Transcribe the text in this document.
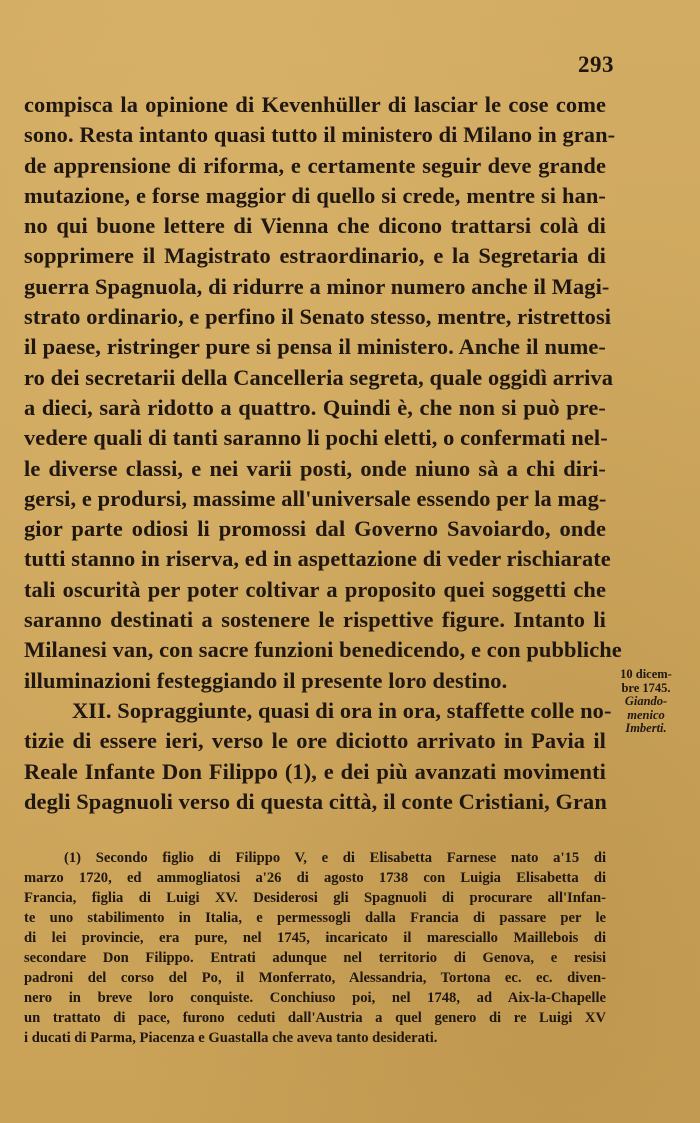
293
compisca la opinione di Kevenhüller di lasciar le cose come
sono. Resta intanto quasi tutto il ministero di Milano in gran-
de apprensione di riforma, e certamente seguir deve grande
mutazione, e forse maggior di quello si crede, mentre si han-
no qui buone lettere di Vienna che dicono trattarsi colà di
sopprimere il Magistrato estraordinario, e la Segretaria di
guerra Spagnuola, di ridurre a minor numero anche il Magi-
strato ordinario, e perfino il Senato stesso, mentre, ristrettosi
il paese, ristringer pure si pensa il ministero. Anche il nume-
ro dei secretarii della Cancelleria segreta, quale oggidì arriva
a dieci, sarà ridotto a quattro. Quindi è, che non si può pre-
vedere quali di tanti saranno li pochi eletti, o confermati nel-
le diverse classi, e nei varii posti, onde niuno sà a chi diri-
gersi, e prodursi, massime all'universale essendo per la mag-
gior parte odiosi li promossi dal Governo Savoiardo, onde
tutti stanno in riserva, ed in aspettazione di veder rischiarate
tali oscurità per poter coltivar a proposito quei soggetti che
saranno destinati a sostenere le rispettive figure. Intanto li
Milanesi van, con sacre funzioni benedicendo, e con pubbliche
illuminazioni festeggiando il presente loro destino.
XII. Sopraggiunte, quasi di ora in ora, staffette colle no-
tizie di essere ieri, verso le ore diciotto arrivato in Pavia il
Reale Infante Don Filippo (1), e dei più avanzati movimenti
degli Spagnuoli verso di questa città, il conte Cristiani, Gran
10 dicem-
bre 1745.
Giando-
menico
Imberti.
(1) Secondo figlio di Filippo V, e di Elisabetta Farnese nato a'15 di
marzo 1720, ed ammogliatosi a'26 di agosto 1738 con Luigia Elisabetta di
Francia, figlia di Luigi XV. Desiderosi gli Spagnuoli di procurare all'Infan-
te uno stabilimento in Italia, e permessogli dalla Francia di passare per le
di lei provincie, era pure, nel 1745, incaricato il maresciallo Maillebois di
secondare Don Filippo. Entrati adunque nel territorio di Genova, e resisi
padroni del corso del Po, il Monferrato, Alessandria, Tortona ec. ec. diven-
nero in breve loro conquiste. Conchiuso poi, nel 1748, ad Aix-la-Chapelle
un trattato di pace, furono ceduti dall'Austria a quel genero di re Luigi XV
i ducati di Parma, Piacenza e Guastalla che aveva tanto desiderati.
